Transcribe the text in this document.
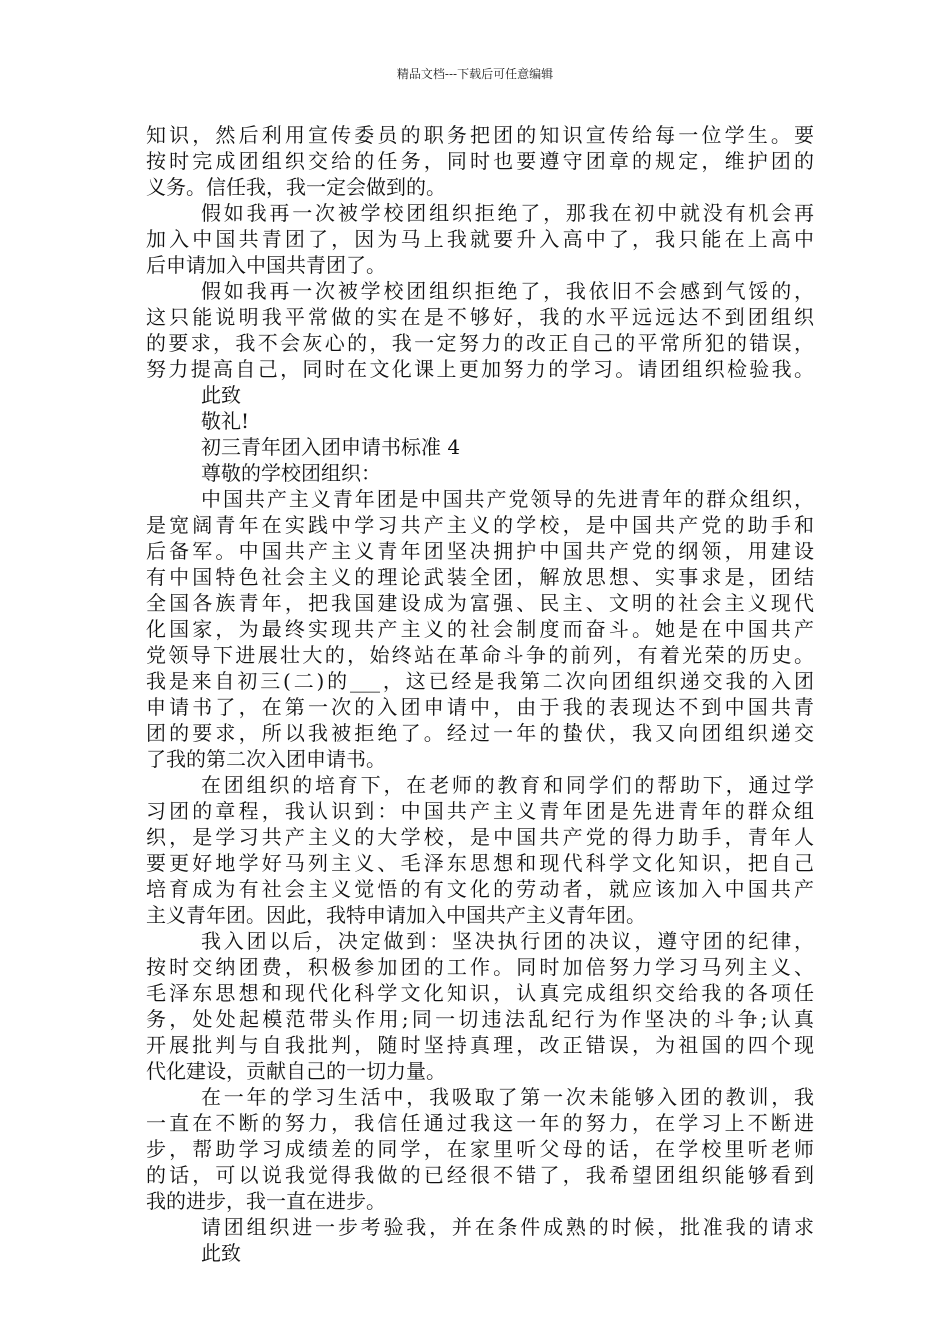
精品文档---下载后可任意编辑
知识，然后利用宣传委员的职务把团的知识宣传给每一位学生。要
按时完成团组织交给的任务，同时也要遵守团章的规定，维护团的
义务。信任我，我一定会做到的。
假如我再一次被学校团组织拒绝了，那我在初中就没有机会再
加入中国共青团了，因为马上我就要升入高中了，我只能在上高中
后申请加入中国共青团了。
假如我再一次被学校团组织拒绝了，我依旧不会感到气馁的，
这只能说明我平常做的实在是不够好，我的水平远远达不到团组织
的要求，我不会灰心的，我一定努力的改正自己的平常所犯的错误，
努力提高自己，同时在文化课上更加努力的学习。请团组织检验我。
此致
敬礼!
初三青年团入团申请书标准 4
尊敬的学校团组织：
中国共产主义青年团是中国共产党领导的先进青年的群众组织，
是宽阔青年在实践中学习共产主义的学校，是中国共产党的助手和
后备军。中国共产主义青年团坚决拥护中国共产党的纲领，用建设
有中国特色社会主义的理论武装全团，解放思想、实事求是，团结
全国各族青年，把我国建设成为富强、民主、文明的社会主义现代
化国家，为最终实现共产主义的社会制度而奋斗。她是在中国共产
党领导下进展壮大的，始终站在革命斗争的前列，有着光荣的历史。
我是来自初三(二)的___，这已经是我第二次向团组织递交我的入团
申请书了，在第一次的入团申请中，由于我的表现达不到中国共青
团的要求，所以我被拒绝了。经过一年的蛰伏，我又向团组织递交
了我的第二次入团申请书。
在团组织的培育下，在老师的教育和同学们的帮助下，通过学
习团的章程，我认识到：中国共产主义青年团是先进青年的群众组
织，是学习共产主义的大学校，是中国共产党的得力助手，青年人
要更好地学好马列主义、毛泽东思想和现代科学文化知识，把自己
培育成为有社会主义觉悟的有文化的劳动者，就应该加入中国共产
主义青年团。因此，我特申请加入中国共产主义青年团。
我入团以后，决定做到：坚决执行团的决议，遵守团的纪律，
按时交纳团费，积极参加团的工作。同时加倍努力学习马列主义、
毛泽东思想和现代化科学文化知识，认真完成组织交给我的各项任
务，处处起模范带头作用;同一切违法乱纪行为作坚决的斗争;认真
开展批判与自我批判，随时坚持真理，改正错误，为祖国的四个现
代化建设，贡献自己的一切力量。
在一年的学习生活中，我吸取了第一次未能够入团的教训，我
一直在不断的努力，我信任通过我这一年的努力，在学习上不断进
步，帮助学习成绩差的同学，在家里听父母的话，在学校里听老师
的话，可以说我觉得我做的已经很不错了，我希望团组织能够看到
我的进步，我一直在进步。
请团组织进一步考验我，并在条件成熟的时候，批准我的请求
此致
